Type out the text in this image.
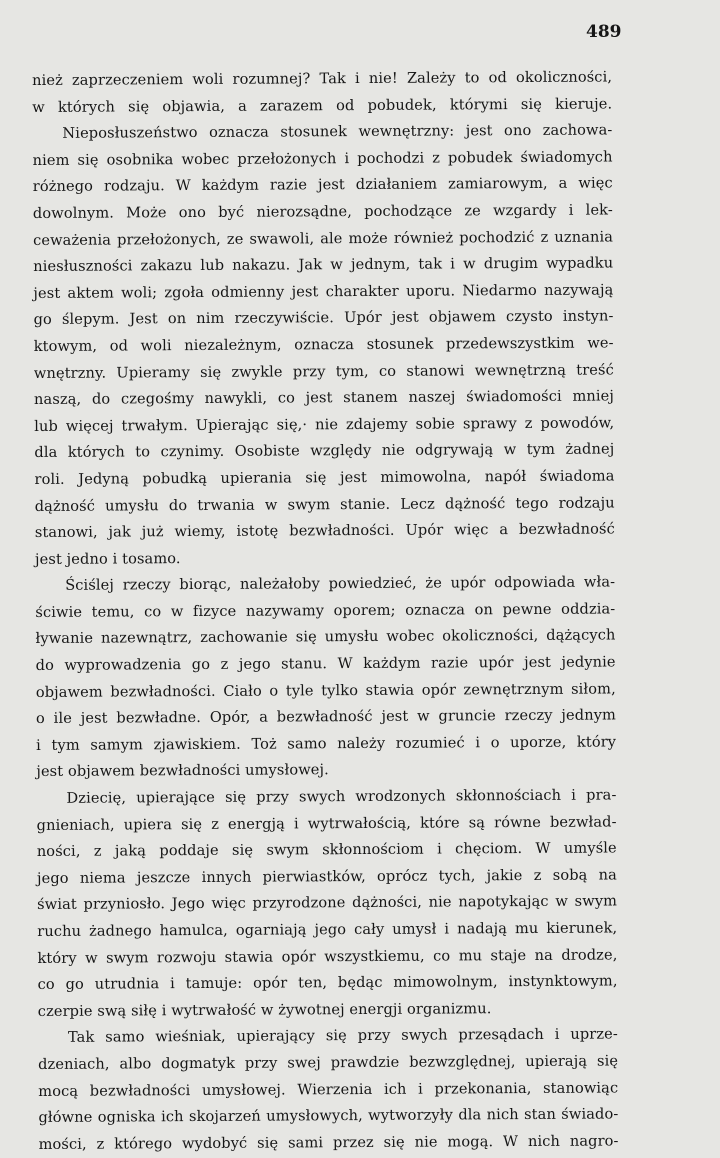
489
nież zaprzeczeniem woli rozumnej? Tak i nie! Zależy to od okoliczności,
w których się objawia, a zarazem od pobudek, którymi się kieruje.
Nieposłuszeństwo oznacza stosunek wewnętrzny: jest ono zachowa-
niem się osobnika wobec przełożonych i pochodzi z pobudek świadomych
różnego rodzaju. W każdym razie jest działaniem zamiarowym, a więc
dowolnym. Może ono być nierozsądne, pochodzące ze wzgardy i lek-
ceważenia przełożonych, ze swawoli, ale może również pochodzić z uznania
niesłuszności zakazu lub nakazu. Jak w jednym, tak i w drugim wypadku
jest aktem woli; zgoła odmienny jest charakter uporu. Niedarmo nazywają
go ślepym. Jest on nim rzeczywiście. Upór jest objawem czysto instyn-
ktowym, od woli niezależnym, oznacza stosunek przedewszystkim we-
wnętrzny. Upieramy się zwykle przy tym, co stanowi wewnętrzną treść
naszą, do czegośmy nawykli, co jest stanem naszej świadomości mniej
lub więcej trwałym. Upierając się,· nie zdajemy sobie sprawy z powodów,
dla których to czynimy. Osobiste względy nie odgrywają w tym żadnej
roli. Jedyną pobudką upierania się jest mimowolna, napół świadoma
dążność umysłu do trwania w swym stanie. Lecz dążność tego rodzaju
stanowi, jak już wiemy, istotę bezwładności. Upór więc a bezwładność
jest jedno i tosamo.
Ściślej rzeczy biorąc, należałoby powiedzieć, że upór odpowiada wła-
ściwie temu, co w fizyce nazywamy oporem; oznacza on pewne oddzia-
ływanie nazewnątrz, zachowanie się umysłu wobec okoliczności, dążących
do wyprowadzenia go z jego stanu. W każdym razie upór jest jedynie
objawem bezwładności. Ciało o tyle tylko stawia opór zewnętrznym siłom,
o ile jest bezwładne. Opór, a bezwładność jest w gruncie rzeczy jednym
i tym samym zjawiskiem. Toż samo należy rozumieć i o uporze, który
jest objawem bezwładności umysłowej.
Dziecię, upierające się przy swych wrodzonych skłonnościach i pra-
gnieniach, upiera się z energją i wytrwałością, które są równe bezwład-
ności, z jaką poddaje się swym skłonnościom i chęciom. W umyśle
jego niema jeszcze innych pierwiastków, oprócz tych, jakie z sobą na
świat przyniosło. Jego więc przyrodzone dążności, nie napotykając w swym
ruchu żadnego hamulca, ogarniają jego cały umysł i nadają mu kierunek,
który w swym rozwoju stawia opór wszystkiemu, co mu staje na drodze,
co go utrudnia i tamuje: opór ten, będąc mimowolnym, instynktowym,
czerpie swą siłę i wytrwałość w żywotnej energji organizmu.
Tak samo wieśniak, upierający się przy swych przesądach i uprze-
dzeniach, albo dogmatyk przy swej prawdzie bezwzględnej, upierają się
mocą bezwładności umysłowej. Wierzenia ich i przekonania, stanowiąc
główne ogniska ich skojarzeń umysłowych, wytworzyły dla nich stan świado-
mości, z którego wydobyć się sami przez się nie mogą. W nich nagro-
